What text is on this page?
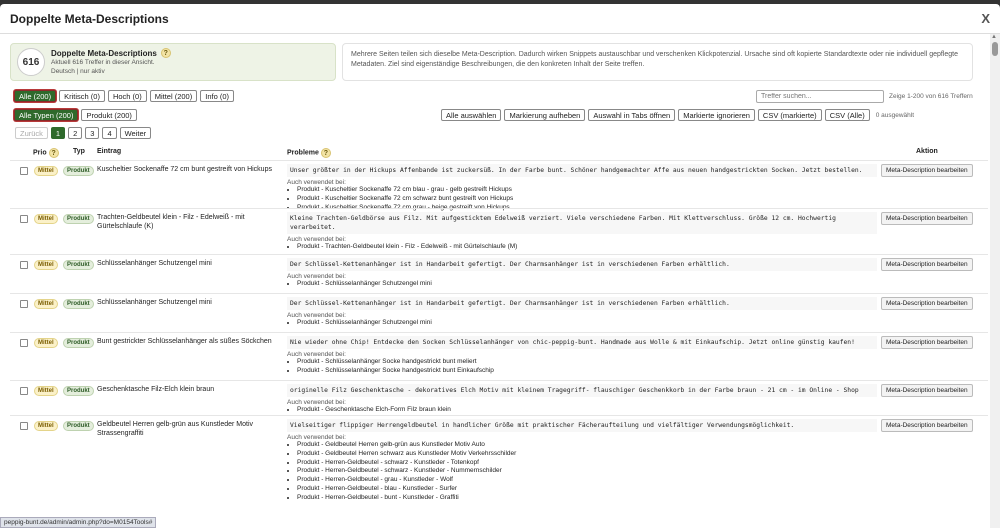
Doppelte Meta-Descriptions	X
▲
616
Doppelte Meta-Descriptions ?
Aktuell 616 Treffer in dieser Ansicht.
Deutsch | nur aktiv
Mehrere Seiten teilen sich dieselbe Meta-Description. Dadurch wirken Snippets austauschbar und verschenken Klickpotenzial. Ursache sind oft kopierte Standardtexte oder nie individuell gepflegte Metadaten. Ziel sind eigenständige Beschreibungen, die den konkreten Inhalt der Seite treffen.
Alle (200)	Kritisch (0)	Hoch (0)	Mittel (200)	Info (0)
Alle Typen (200)	Produkt (200)
Treffer suchen...
Zeige 1-200 von 616 Treffern
Alle auswählen	Markierung aufheben	Auswahl in Tabs öffnen	Markierte ignorieren	CSV (markierte)	CSV (Alle)	0 ausgewählt
Zurück	1	2	3	4	Weiter
Prio ?	Typ Eintrag	Probleme ?	Aktion
Mittel	Produkt	Kuscheltier Sockenaffe 72 cm bunt gestreift von Hickups	Unser größter in der Hickups Affenbande ist zuckersüß. In der Farbe bunt. Schöner handgemachter Affe aus neuen handgestrickten Socken. Jetzt bestellen.
Auch verwendet bei:
• Produkt - Kuscheltier Sockenaffe 72 cm blau - grau - gelb gestreift Hickups
• Produkt - Kuscheltier Sockenaffe 72 cm schwarz bunt gestreift von Hickups
• Produkt - Kuscheltier Sockenaffe 72 cm grau - beige gestreift von Hickups
Meta-Description bearbeiten
Mittel	Produkt	Trachten-Geldbeutel klein - Filz - Edelweiß - mit Gürtelschlaufe (K)
Kleine Trachten-Geldbörse aus Filz. Mit aufgesticktem Edelweiß verziert. Viele verschiedene Farben. Mit Klettverschluss. Größe 12 cm. Hochwertig verarbeitet.
Auch verwendet bei:
• Produkt - Trachten-Geldbeutel klein - Filz - Edelweiß - mit Gürtelschlaufe (M)
Meta-Description bearbeiten
Mittel	Produkt	Schlüsselanhänger Schutzengel mini	Der Schlüssel-Kettenanhänger ist in Handarbeit gefertigt. Der Charmsanhänger ist in verschiedenen Farben erhältlich.
Auch verwendet bei:
• Produkt - Schlüsselanhänger Schutzengel mini
Meta-Description bearbeiten
Mittel	Produkt	Schlüsselanhänger Schutzengel mini	Der Schlüssel-Kettenanhänger ist in Handarbeit gefertigt. Der Charmsanhänger ist in verschiedenen Farben erhältlich.
Auch verwendet bei:
• Produkt - Schlüsselanhänger Schutzengel mini
Meta-Description bearbeiten
Mittel	Produkt	Bunt gestrickter Schlüsselanhänger als süßes Söckchen	Nie wieder ohne Chip! Entdecke den Socken Schlüsselanhänger von chic-peppig-bunt. Handmade aus Wolle & mit Einkaufschip. Jetzt online günstig kaufen!
Auch verwendet bei:
• Produkt - Schlüsselanhänger Socke handgestrickt bunt meliert
• Produkt - Schlüsselanhänger Socke handgestrickt bunt Einkaufschip
Meta-Description bearbeiten
Mittel	Produkt	Geschenktasche Filz-Elch klein braun	originelle Filz Geschenktasche - dekoratives Elch Motiv mit kleinem Tragegriff- flauschiger Geschenkkorb in der Farbe braun - 21 cm - im Online - Shop
Auch verwendet bei:
• Produkt - Geschenktasche Elch-Form Filz braun klein
Meta-Description bearbeiten
Mittel	Produkt	Geldbeutel Herren gelb-grün aus Kunstleder Motiv Strassengraffiti
Vielseitiger flippiger Herrengeldbeutel in handlicher Größe mit praktischer Fächeraufteilung und vielfältiger Verwendungsmöglichkeit.
Auch verwendet bei:
• Produkt - Geldbeutel Herren gelb-grün aus Kunstleder Motiv Auto
• Produkt - Geldbeutel Herren schwarz aus Kunstleder Motiv Verkehrsschilder
• Produkt - Herren-Geldbeutel - schwarz - Kunstleder - Totenkopf
• Produkt - Herren-Geldbeutel - schwarz - Kunstleder - Nummernschilder
• Produkt - Herren-Geldbeutel - grau - Kunstleder - Wolf
• Produkt - Herren-Geldbeutel - blau - Kunstleder - Surfer
• Produkt - Herren-Geldbeutel - bunt - Kunstleder - Graffiti
Meta-Description bearbeiten
peppig-bunt.de/admin/admin.php?do=M0154Tools#
